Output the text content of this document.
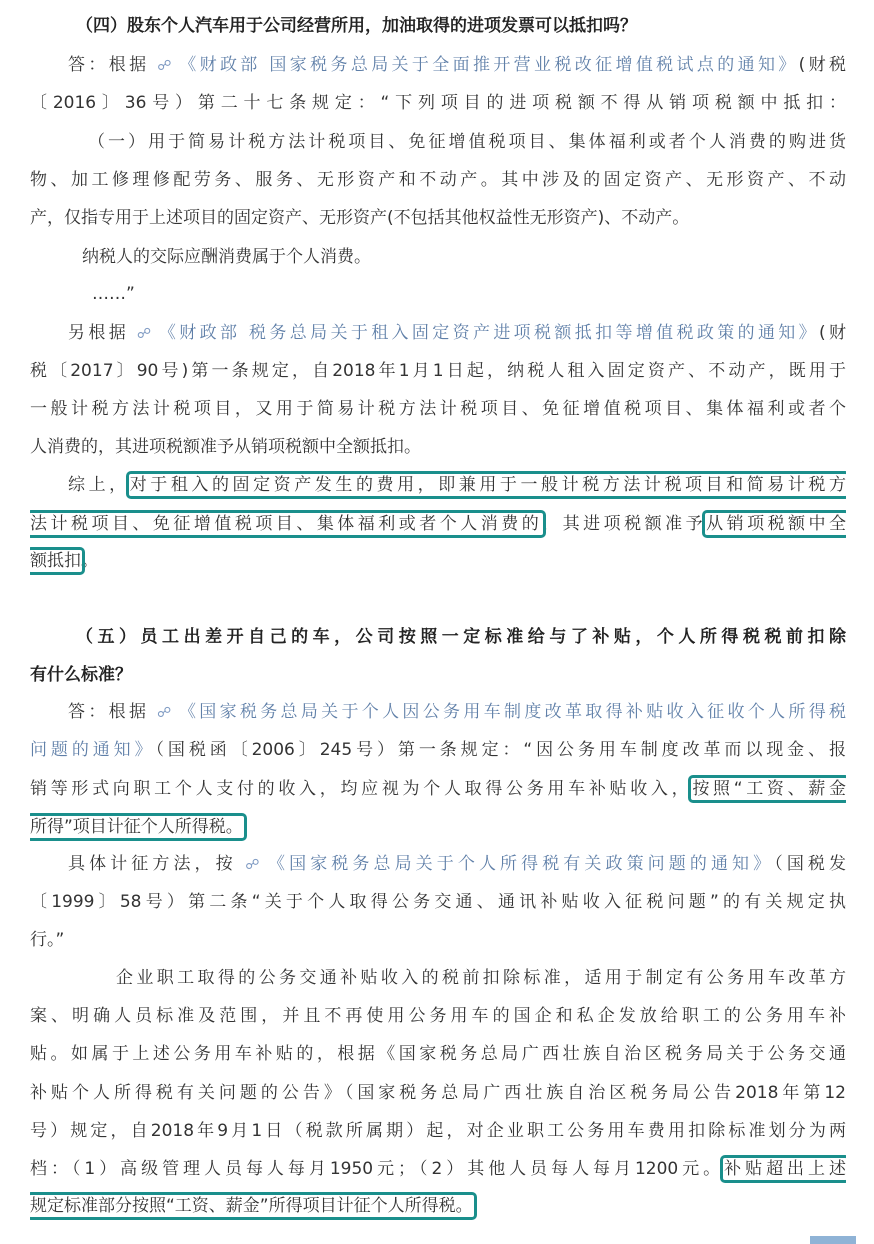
（四）股东个人汽车用于公司经营所用，加油取得的进项发票可以抵扣吗？
答：根据 ☍ 《财政部 国家税务总局关于全面推开营业税改征增值税试点的通知》(财税
〔2016〕36号）第二十七条规定：“下列项目的进项税额不得从销项税额中抵扣：
（一）用于简易计税方法计税项目、免征增值税项目、集体福利或者个人消费的购进货
物、加工修理修配劳务、服务、无形资产和不动产。其中涉及的固定资产、无形资产、不动
产，仅指专用于上述项目的固定资产、无形资产(不包括其他权益性无形资产)、不动产。
纳税人的交际应酬消费属于个人消费。
……”
另根据 ☍ 《财政部 税务总局关于租入固定资产进项税额抵扣等增值税政策的通知》(财
税〔2017〕90号)第一条规定，自2018年1月1日起，纳税人租入固定资产、不动产，既用于
一般计税方法计税项目，又用于简易计税方法计税项目、免征增值税项目、集体福利或者个
人消费的，其进项税额准予从销项税额中全额抵扣。
综上，对于租入的固定资产发生的费用，即兼用于一般计税方法计税项目和简易计税方
法计税项目、免征增值税项目、集体福利或者个人消费的，其进项税额准予从销项税额中全
额抵扣。
（五）员工出差开自己的车，公司按照一定标准给与了补贴，个人所得税税前扣除
有什么标准？
答：根据 ☍ 《国家税务总局关于个人因公务用车制度改革取得补贴收入征收个人所得税
问题的通知》（国税函〔2006〕245号）第一条规定：“因公务用车制度改革而以现金、报
销等形式向职工个人支付的收入，均应视为个人取得公务用车补贴收入，按照“工资、薪金
所得”项目计征个人所得税。
具体计征方法，按 ☍ 《国家税务总局关于个人所得税有关政策问题的通知》（国税发
〔1999〕58号）第二条“关于个人取得公务交通、通讯补贴收入征税问题”的有关规定执
行。”
企业职工取得的公务交通补贴收入的税前扣除标准，适用于制定有公务用车改革方
案、明确人员标准及范围，并且不再使用公务用车的国企和私企发放给职工的公务用车补
贴。如属于上述公务用车补贴的，根据《国家税务总局广西壮族自治区税务局关于公务交通
补贴个人所得税有关问题的公告》（国家税务总局广西壮族自治区税务局公告2018年第12
号）规定，自2018年9月1日（税款所属期）起，对企业职工公务用车费用扣除标准划分为两
档：（1）高级管理人员每人每月1950元；（2）其他人员每人每月1200元。补贴超出上述
规定标准部分按照“工资、薪金”所得项目计征个人所得税。
